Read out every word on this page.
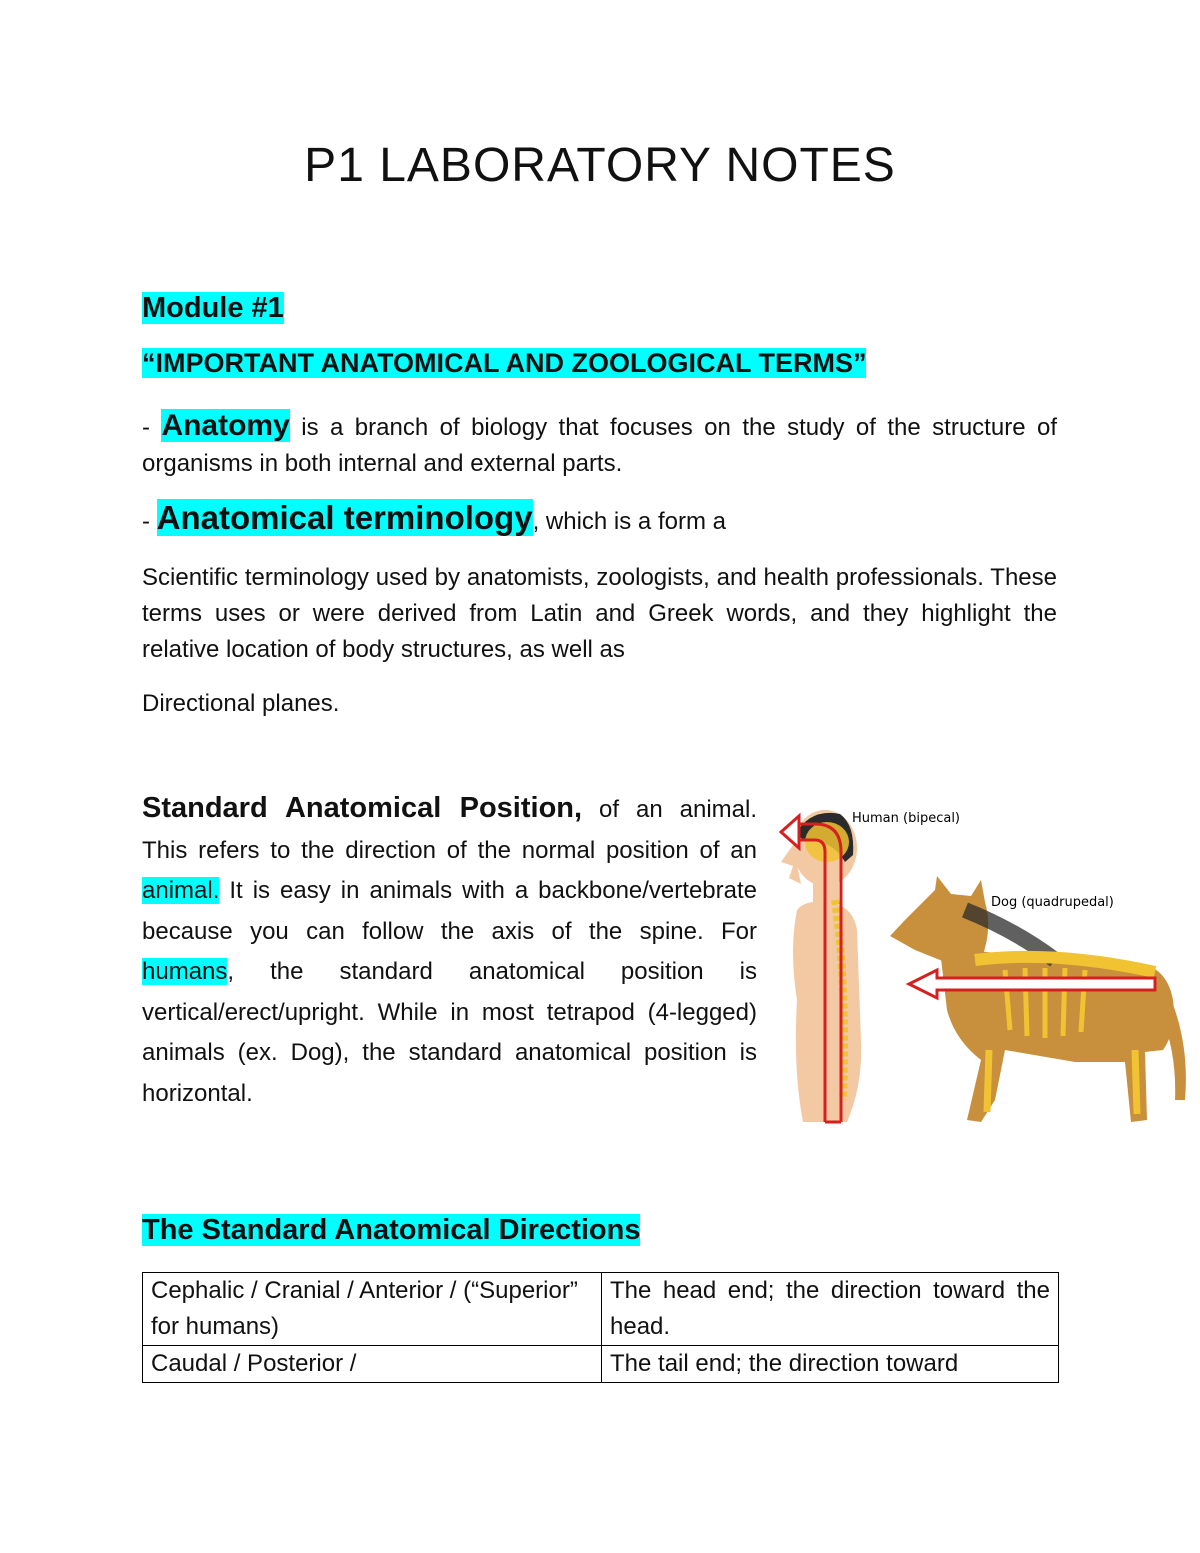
P1 LABORATORY NOTES
Module #1
“IMPORTANT ANATOMICAL AND ZOOLOGICAL TERMS”
- Anatomy is a branch of biology that focuses on the study of the structure of organisms in both internal and external parts.
- Anatomical terminology, which is a form a
Scientific terminology used by anatomists, zoologists, and health professionals. These terms uses or were derived from Latin and Greek words, and they highlight the relative location of body structures, as well as
Directional planes.
Standard Anatomical Position, of an animal. This refers to the direction of the normal position of an animal. It is easy in animals with a backbone/vertebrate because you can follow the axis of the spine. For humans, the standard anatomical position is vertical/erect/upright. While in most tetrapod (4-legged) animals (ex. Dog), the standard anatomical position is horizontal.
Human (bipecal)
Dog (quadrupedal)
The Standard Anatomical Directions
Cephalic / Cranial / Anterior / (“Superior” for humans)	The head end; the direction toward the head.
Caudal / Posterior /	The tail end; the direction toward
